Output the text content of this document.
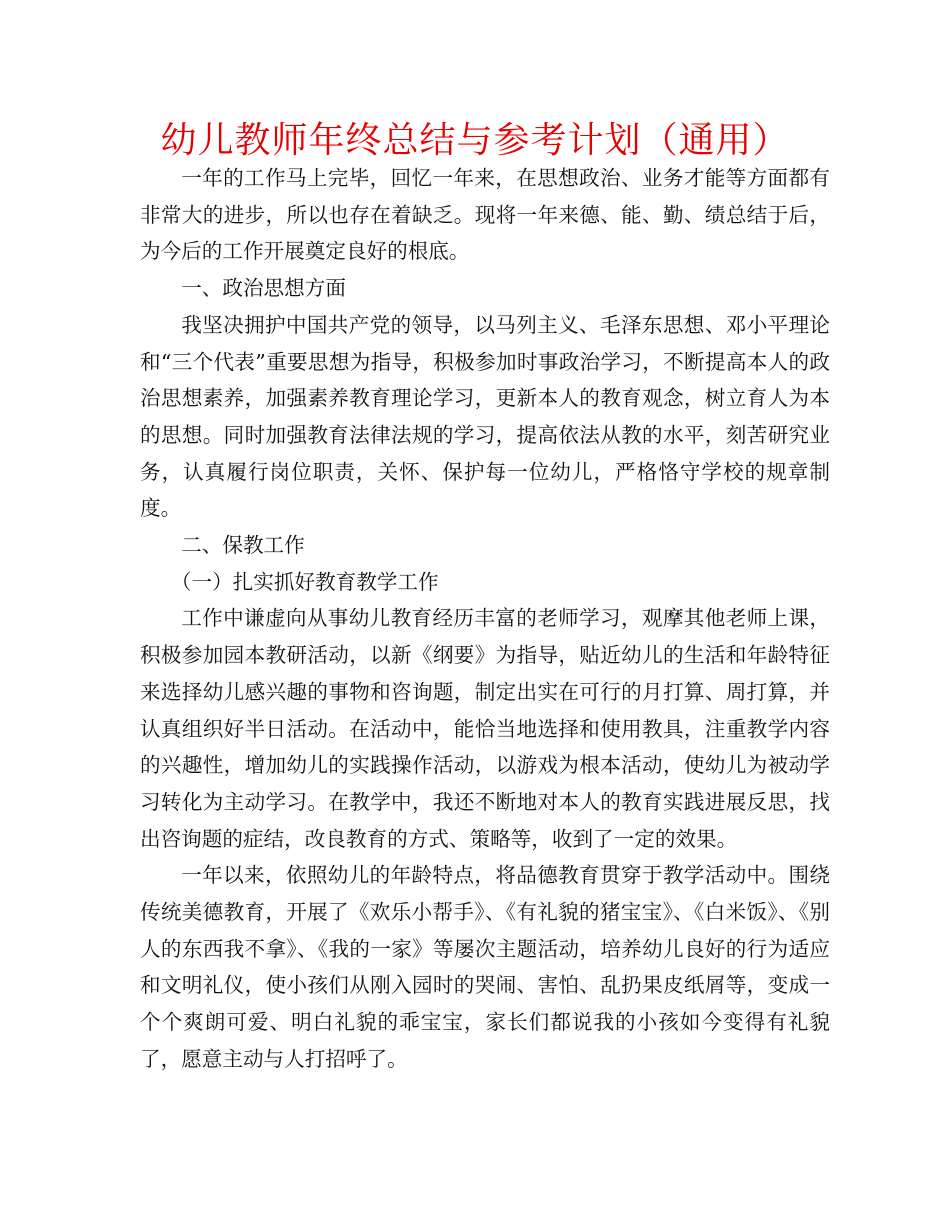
幼儿教师年终总结与参考计划（通用）

一年的工作马上完毕，回忆一年来，在思想政治、业务才能等方面都有非常大的进步，所以也存在着缺乏。现将一年来德、能、勤、绩总结于后，为今后的工作开展奠定良好的根底。

一、政治思想方面

我坚决拥护中国共产党的领导，以马列主义、毛泽东思想、邓小平理论和“三个代表”重要思想为指导，积极参加时事政治学习，不断提高本人的政治思想素养，加强素养教育理论学习，更新本人的教育观念，树立育人为本的思想。同时加强教育法律法规的学习，提高依法从教的水平，刻苦研究业务，认真履行岗位职责，关怀、保护每一位幼儿，严格恪守学校的规章制度。

二、保教工作

（一）扎实抓好教育教学工作

工作中谦虚向从事幼儿教育经历丰富的老师学习，观摩其他老师上课，积极参加园本教研活动，以新《纲要》为指导，贴近幼儿的生活和年龄特征来选择幼儿感兴趣的事物和咨询题，制定出实在可行的月打算、周打算，并认真组织好半日活动。在活动中，能恰当地选择和使用教具，注重教学内容的兴趣性，增加幼儿的实践操作活动，以游戏为根本活动，使幼儿为被动学习转化为主动学习。在教学中，我还不断地对本人的教育实践进展反思，找出咨询题的症结，改良教育的方式、策略等，收到了一定的效果。

一年以来，依照幼儿的年龄特点，将品德教育贯穿于教学活动中。围绕传统美德教育，开展了《欢乐小帮手》、《有礼貌的猪宝宝》、《白米饭》、《别人的东西我不拿》、《我的一家》等屡次主题活动，培养幼儿良好的行为适应和文明礼仪，使小孩们从刚入园时的哭闹、害怕、乱扔果皮纸屑等，变成一个个爽朗可爱、明白礼貌的乖宝宝，家长们都说我的小孩如今变得有礼貌了，愿意主动与人打招呼了。
